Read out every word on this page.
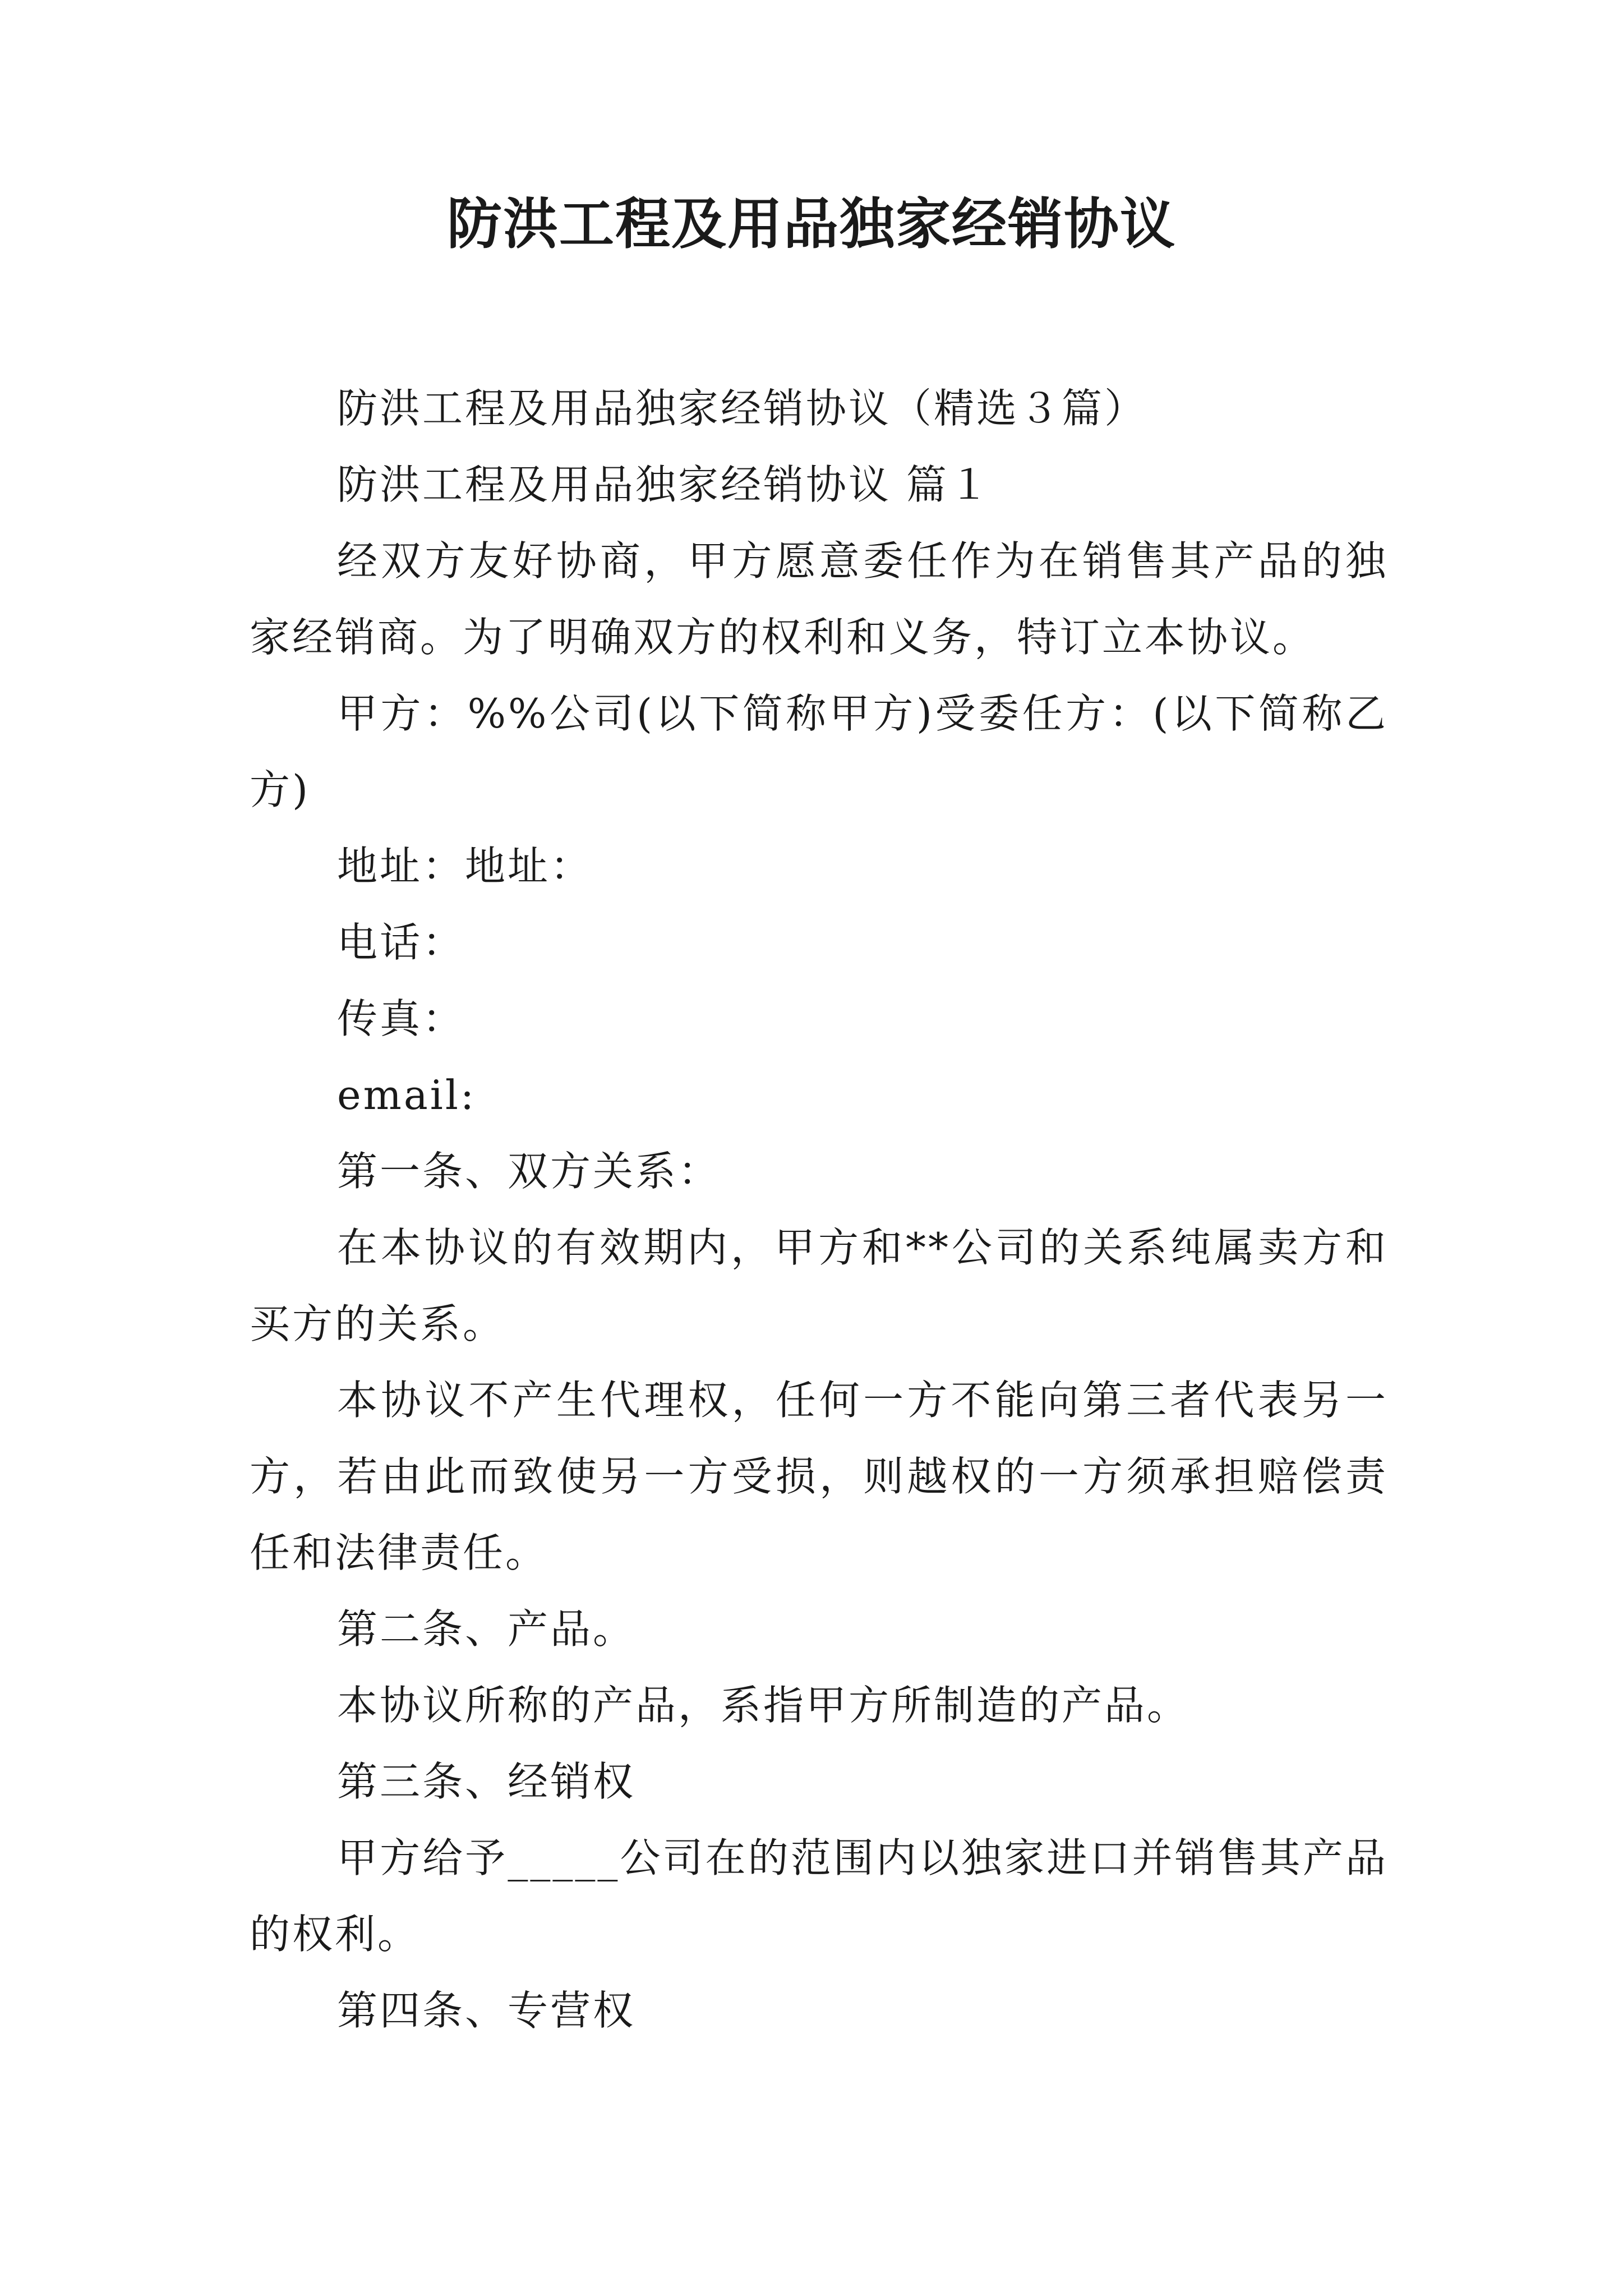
防洪工程及用品独家经销协议

防洪工程及用品独家经销协议（精选３篇）

防洪工程及用品独家经销协议 篇１

经双方友好协商，甲方愿意委任作为在销售其产品的独家经销商。为了明确双方的权利和义务，特订立本协议。

甲方：%%公司(以下简称甲方)受委任方：(以下简称乙方)

地址：地址：

电话：

传真：

email:

第一条、双方关系：

在本协议的有效期内，甲方和**公司的关系纯属卖方和买方的关系。

本协议不产生代理权，任何一方不能向第三者代表另一方，若由此而致使另一方受损，则越权的一方须承担赔偿责任和法律责任。

第二条、产品。

本协议所称的产品，系指甲方所制造的产品。

第三条、经销权

甲方给予_____公司在的范围内以独家进口并销售其产品的权利。

第四条、专营权
